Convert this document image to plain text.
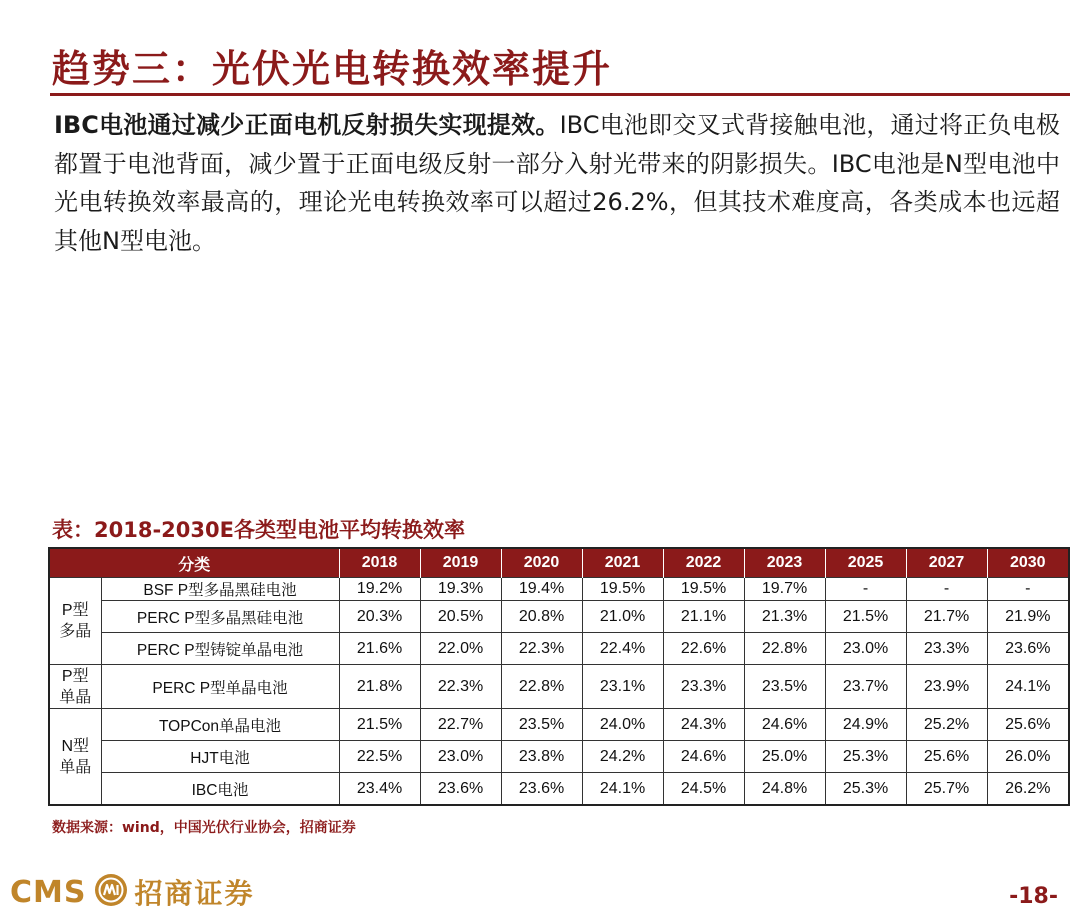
趋势三：光伏光电转换效率提升

IBC电池通过减少正面电机反射损失实现提效。IBC电池即交叉式背接触电池，通过将正负电极都置于电池背面，减少置于正面电级反射一部分入射光带来的阴影损失。IBC电池是N型电池中光电转换效率最高的，理论光电转换效率可以超过26.2%，但其技术难度高，各类成本也远超其他N型电池。

表：2018-2030E各类型电池平均转换效率

分类		2018	2019	2020	2021	2022	2023	2025	2027	2030
P型
多晶	BSF P型多晶黑硅电池	19.2%	19.3%	19.4%	19.5%	19.5%	19.7%	-	-	-
	PERC P型多晶黑硅电池	20.3%	20.5%	20.8%	21.0%	21.1%	21.3%	21.5%	21.7%	21.9%
	PERC P型铸锭单晶电池	21.6%	22.0%	22.3%	22.4%	22.6%	22.8%	23.0%	23.3%	23.6%
P型
单晶	PERC P型单晶电池	21.8%	22.3%	22.8%	23.1%	23.3%	23.5%	23.7%	23.9%	24.1%
N型
单晶	TOPCon单晶电池	21.5%	22.7%	23.5%	24.0%	24.3%	24.6%	24.9%	25.2%	25.6%
	HJT电池	22.5%	23.0%	23.8%	24.2%	24.6%	25.0%	25.3%	25.6%	26.0%
	IBC电池	23.4%	23.6%	23.6%	24.1%	24.5%	24.8%	25.3%	25.7%	26.2%

数据来源：wind，中国光伏行业协会，招商证券

CMS 招商证券	-18-
